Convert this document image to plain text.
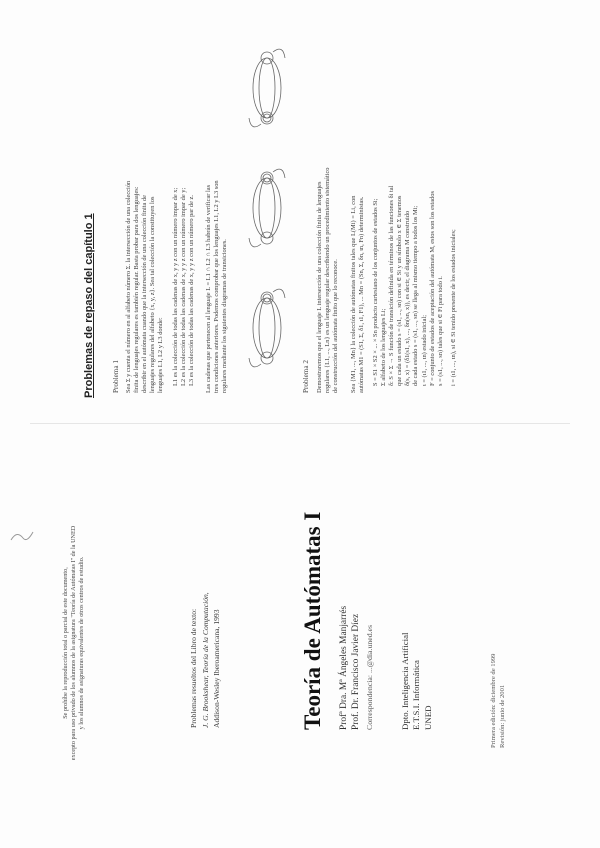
Se prohíbe la reproducción total o parcial de este documento, excepto para uso privado de los alumnos de la asignatura "Teoría de Autómatas I" de la UNED y los alumnos de asignaturas equivalentes de otros centros de estudio.	Problemas resueltos del Libro de texto: J. G. Brookshear, Teoría de la Computación, Addison-Wesley Iberoamericana, 1993	Teoría de Autómatas I Profª Dra. Mª Ángeles Manjarrés Prof. Dr. Francisco Javier Díez Correspondencia: ...@dia.uned.es	Dpto. Inteligencia Artificial E.T.S.I. Informática UNED	Primera edición: diciembre de 1999 Revisión: junio de 2001
Problemas de repaso del capítulo 1 Problema 1 Sea Σ y cuenta el número en al alfabeto número Σ. la intersección de una colección finita de lenguajes regulares es también regular. Basta probar para dos lenguajes: describir en el autómata cuando que la intersección de una colección finita de lenguajes regulares del alfabeto {x, y, z}. Sea tal colección la constituyen los lenguajes L1, L2 y L3 donde: L1 es la colección de todas las cadenas de x, y y z con un número impar de x; L2 es la colección de todas las cadenas de x, y y z con un número impar de y; L3 es la colección de todas las cadenas de x, y y z con un número par de z. Las cadenas que pertenecen al lenguaje L = L1 ∩ L2 ∩ L3 habrán de verificar las tres condiciones anteriores. Podemos comprobar que los lenguajes L1, L2 y L3 son regulares mediante los siguientes diagramas de transiciones.	Problema 2 Demostraremos que el lenguaje L intersección de una colección finita de lenguajes regulares {L1, ..., Ln} es un lenguaje regular describiendo un procedimiento sistemático de construcción del autómata finito que lo reconoce. Sea {M1, ..., Mn} la colección de autómatas finitos tales que L(Mi) = Li, con autómatas M1 = (S1, Σ, δ1, ι1, F1), ... Mn = (Sn, Σ, δn, ιn, Fn) deterministas. S = S1 × S2 × ... × Sn producto cartesiano de los conjuntos de estados Si; Σ alfabeto de los lenguajes Li; δ: S × Σ → S función de transición definida en términos de las funciones δi tal que cada un estado s = (s1, ..., sn) con si ∈ Si y un símbolo x ∈ Σ tenemos δ(s, x) = (δ1(s1, x), ..., δn(sn, x)), es decir, el diagrama M construido de cada estado s = (s1, ..., sn) se llega al mismo tiempo a todos los Mi; ι = (ι1, ..., ιn) estado inicial; F = conjunto de estados de aceptación del autómata M, estos son los estados s = (s1, ..., sn) tales que si ∈ Fi para todo i. i = (ι1, ..., ιn), si ∈ Si tenido presente de los estados iniciales;
